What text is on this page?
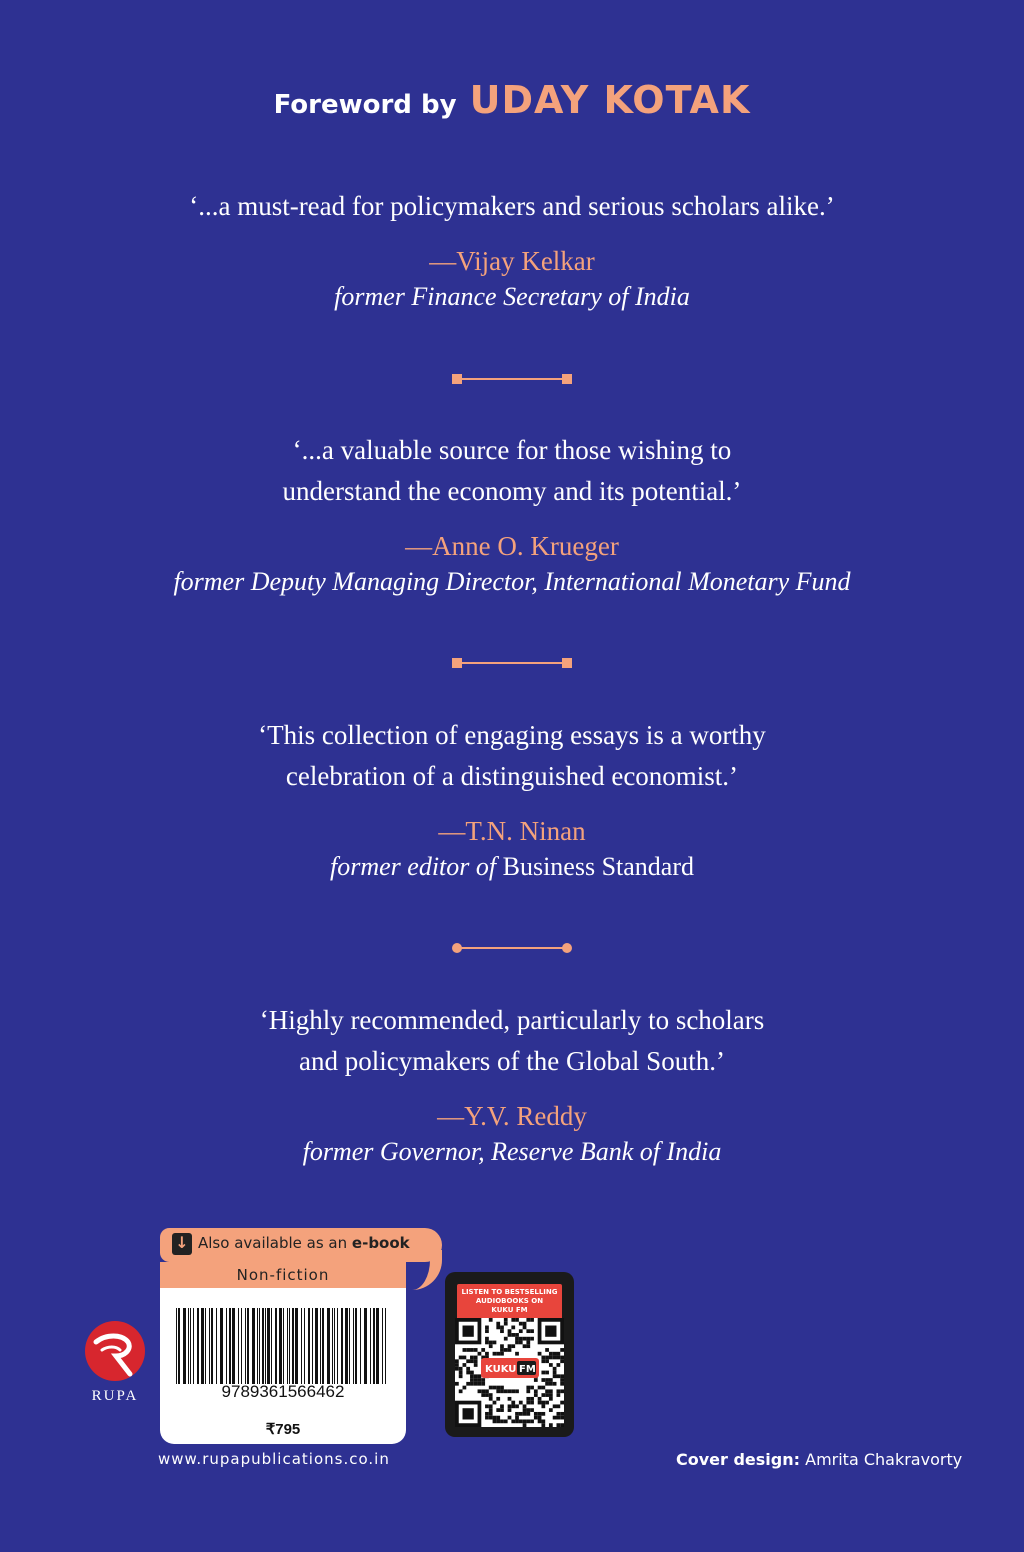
Foreword by UDAY KOTAK
‘...a must-read for policymakers and serious scholars alike.’
—Vijay Kelkar
former Finance Secretary of India
‘...a valuable source for those wishing to
understand the economy and its potential.’
—Anne O. Krueger
former Deputy Managing Director, International Monetary Fund
‘This collection of engaging essays is a worthy
celebration of a distinguished economist.’
—T.N. Ninan
former editor of Business Standard
‘Highly recommended, particularly to scholars
and policymakers of the Global South.’
—Y.V. Reddy
former Governor, Reserve Bank of India
RUPA
↓
Also available as an e-book
Non-fiction
9789361566462
₹795
www.rupapublications.co.in
LISTEN TO BESTSELLING
AUDIOBOOKS ON
KUKU FM
KUKU FM
Cover design: Amrita Chakravorty
